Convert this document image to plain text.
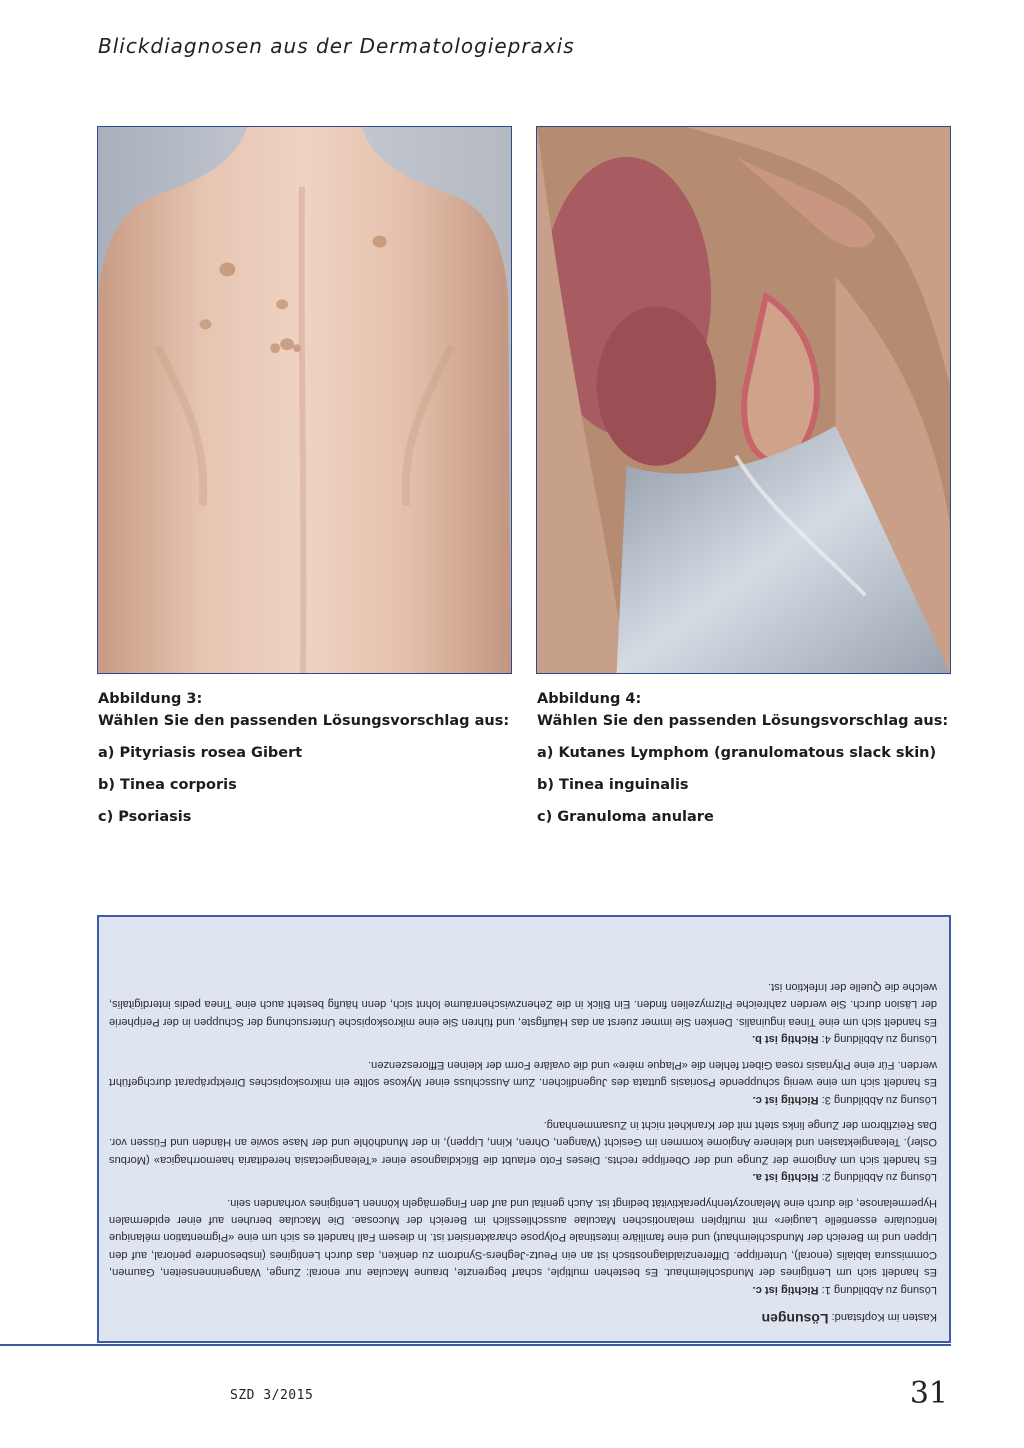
Blickdiagnosen aus der Dermatologiepraxis
Abbildung 3:
Wählen Sie den passenden Lösungsvorschlag aus:
a) Pityriasis rosea Gibert
b) Tinea corporis
c) Psoriasis
Abbildung 4:
Wählen Sie den passenden Lösungsvorschlag aus:
a) Kutanes Lymphom (granulomatous slack skin)
b) Tinea inguinalis
c) Granuloma anulare
Kasten im Kopfstand: Lösungen
Lösung zu Abbildung 1: Richtig ist c.

Es handelt sich um Lentigines der Mundschleimhaut. Es bestehen multiple, scharf begrenzte, braune Maculae nur enoral: Zunge, Wangeninnenseiten, Gaumen, Commissura labialis (enoral), Unterlippe. Differenzialdiagnostisch ist an ein Peutz-Jeghers-Syndrom zu denken, das durch Lentigines (insbesondere perioral, auf den Lippen und im Bereich der Mundschleimhaut) und eine familiäre intestinale Polyposе charakterisiert ist. In diesem Fall handelt es sich um eine «Pigmentation mélanique lenticulaire essentielle Laugier» mit multiplen melanotischen Maculae ausschliesslich im Bereich der Mucosae. Die Maculae beruhen auf einer epidermalen Hypermelanose, die durch eine Melanozytenhyperaktivität bedingt ist. Auch genital und auf den Fingernägeln können Lentigines vorhanden sein.

Lösung zu Abbildung 2: Richtig ist a.

Es handelt sich um Angiome der Zunge und der Oberlippe rechts. Dieses Foto erlaubt die Blickdiagnose einer «Teleangiectasia hereditaria haemorrhagica» (Morbus Osler). Teleangiektasien und kleinere Angiome kommen im Gesicht (Wangen, Ohren, Kinn, Lippen), in der Mundhöhle und der Nase sowie an Händen und Füssen vor. Das Reizfibrom der Zunge links steht mit der Krankheit nicht in Zusammenhang.

Lösung zu Abbildung 3: Richtig ist c.

Es handelt sich um eine wenig schuppende Psoriasis guttata des Jugendlichen. Zum Ausschluss einer Mykose sollte ein mikroskopisches Direktpräparat durchgeführt werden. Für eine Pityriasis rosea Gibert fehlen die «Plaque mère» und die ovaläre Form der kleinen Effloreszenzen.

Lösung zu Abbildung 4: Richtig ist b.

Es handelt sich um eine Tinea inguinalis. Denken Sie immer zuerst an das Häufigste, und führen Sie eine mikroskopische Untersuchung der Schuppen in der Peripherie der Läsion durch. Sie werden zahlreiche Pilzmyzelien finden. Ein Blick in die Zehenzwischenräume lohnt sich, denn häufig besteht auch eine Tinea pedis interdigitalis, welche die Quelle der Infektion ist.

SZD 3/2015	31
